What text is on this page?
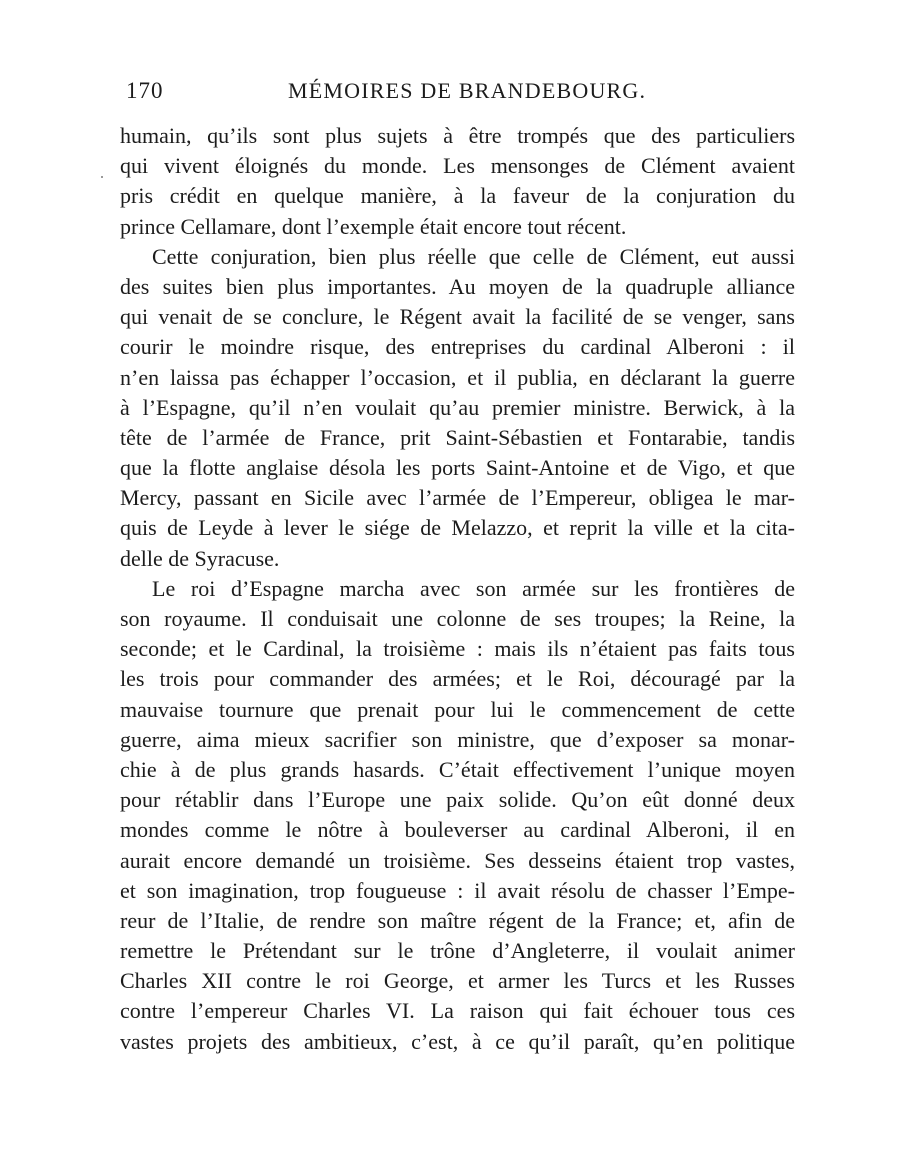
170	MÉMOIRES DE BRANDEBOURG.
humain, qu’ils sont plus sujets à être trompés que des particuliers
qui vivent éloignés du monde. Les mensonges de Clément avaient
pris crédit en quelque manière, à la faveur de la conjuration du
prince Cellamare, dont l’exemple était encore tout récent.
Cette conjuration, bien plus réelle que celle de Clément, eut aussi
des suites bien plus importantes. Au moyen de la quadruple alliance
qui venait de se conclure, le Régent avait la facilité de se venger, sans
courir le moindre risque, des entreprises du cardinal Alberoni : il
n’en laissa pas échapper l’occasion, et il publia, en déclarant la guerre
à l’Espagne, qu’il n’en voulait qu’au premier ministre. Berwick, à la
tête de l’armée de France, prit Saint-Sébastien et Fontarabie, tandis
que la flotte anglaise désola les ports Saint-Antoine et de Vigo, et que
Mercy, passant en Sicile avec l’armée de l’Empereur, obligea le mar-
quis de Leyde à lever le siége de Melazzo, et reprit la ville et la cita-
delle de Syracuse.
Le roi d’Espagne marcha avec son armée sur les frontières de
son royaume. Il conduisait une colonne de ses troupes; la Reine, la
seconde; et le Cardinal, la troisième : mais ils n’étaient pas faits tous
les trois pour commander des armées; et le Roi, découragé par la
mauvaise tournure que prenait pour lui le commencement de cette
guerre, aima mieux sacrifier son ministre, que d’exposer sa monar-
chie à de plus grands hasards. C’était effectivement l’unique moyen
pour rétablir dans l’Europe une paix solide. Qu’on eût donné deux
mondes comme le nôtre à bouleverser au cardinal Alberoni, il en
aurait encore demandé un troisième. Ses desseins étaient trop vastes,
et son imagination, trop fougueuse : il avait résolu de chasser l’Empe-
reur de l’Italie, de rendre son maître régent de la France; et, afin de
remettre le Prétendant sur le trône d’Angleterre, il voulait animer
Charles XII contre le roi George, et armer les Turcs et les Russes
contre l’empereur Charles VI. La raison qui fait échouer tous ces
vastes projets des ambitieux, c’est, à ce qu’il paraît, qu’en politique
